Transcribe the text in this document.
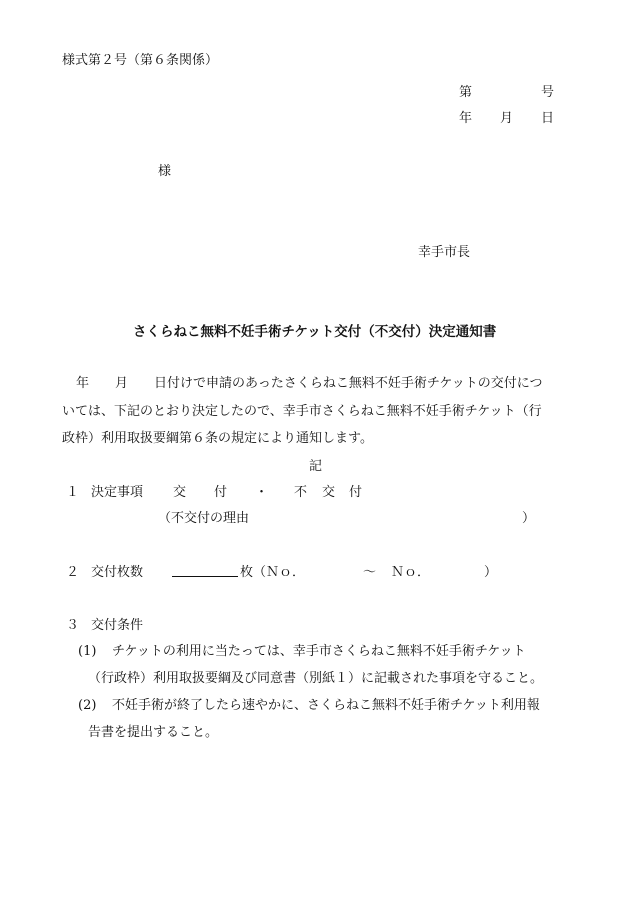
様式第２号（第６条関係）
第	号
年 月 日
様
幸手市長
さくらねこ無料不妊手術チケット交付（不交付）決定通知書
年　　月　　日付けで申請のあったさくらねこ無料不妊手術チケットの交付につ
いては、下記のとおり決定したので、幸手市さくらねこ無料不妊手術チケット（行
政枠）利用取扱要綱第６条の規定により通知します。
記
１ 決定事項 交 付 ・ 不 交 付
（不交付の理由	）
２ 交付枚数	枚（Ｎｏ．	～ Ｎｏ．	）
３ 交付条件
(1) チケットの利用に当たっては、幸手市さくらねこ無料不妊手術チケット
（行政枠）利用取扱要綱及び同意書（別紙１）に記載された事項を守ること。
(2) 不妊手術が終了したら速やかに、さくらねこ無料不妊手術チケット利用報
告書を提出すること。
